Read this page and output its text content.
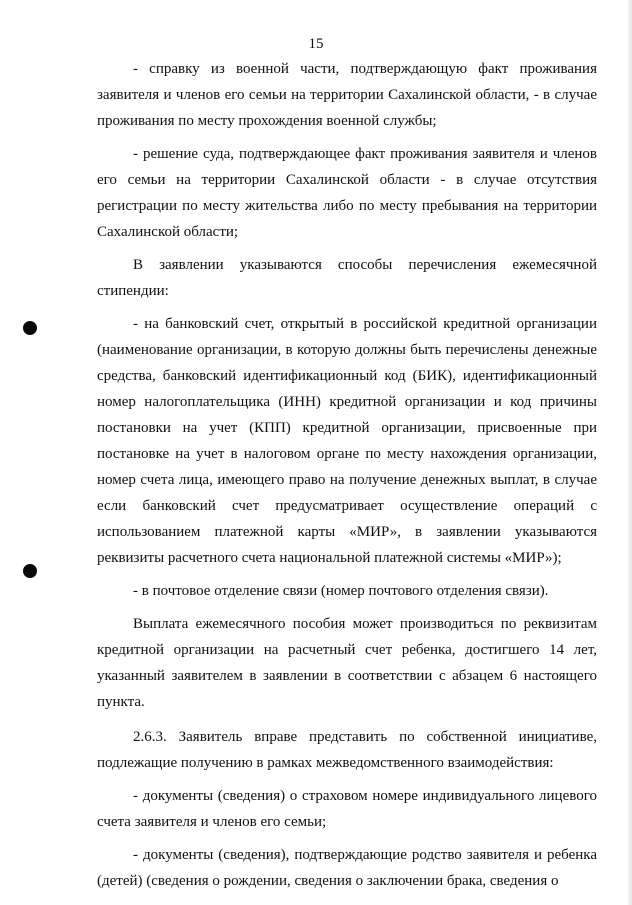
15

- справку из военной части, подтверждающую факт проживания заявителя и членов его семьи на территории Сахалинской области, - в случае проживания по месту прохождения военной службы;

- решение суда, подтверждающее факт проживания заявителя и членов его семьи на территории Сахалинской области - в случае отсутствия регистрации по месту жительства либо по месту пребывания на территории Сахалинской области;

В заявлении указываются способы перечисления ежемесячной стипендии:

- на банковский счет, открытый в российской кредитной организации (наименование организации, в которую должны быть перечислены денежные средства, банковский идентификационный код (БИК), идентификационный номер налогоплательщика (ИНН) кредитной организации и код причины постановки на учет (КПП) кредитной организации, присвоенные при постановке на учет в налоговом органе по месту нахождения организации, номер счета лица, имеющего право на получение денежных выплат, в случае если банковский счет предусматривает осуществление операций с использованием платежной карты «МИР», в заявлении указываются реквизиты расчетного счета национальной платежной системы «МИР»);

- в почтовое отделение связи (номер почтового отделения связи).

Выплата ежемесячного пособия может производиться по реквизитам кредитной организации на расчетный счет ребенка, достигшего 14 лет, указанный заявителем в заявлении в соответствии с абзацем 6 настоящего пункта.

2.6.3. Заявитель вправе представить по собственной инициативе, подлежащие получению в рамках межведомственного взаимодействия:

- документы (сведения) о страховом номере индивидуального лицевого счета заявителя и членов его семьи;

- документы (сведения), подтверждающие родство заявителя и ребенка (детей) (сведения о рождении, сведения о заключении брака, сведения о
